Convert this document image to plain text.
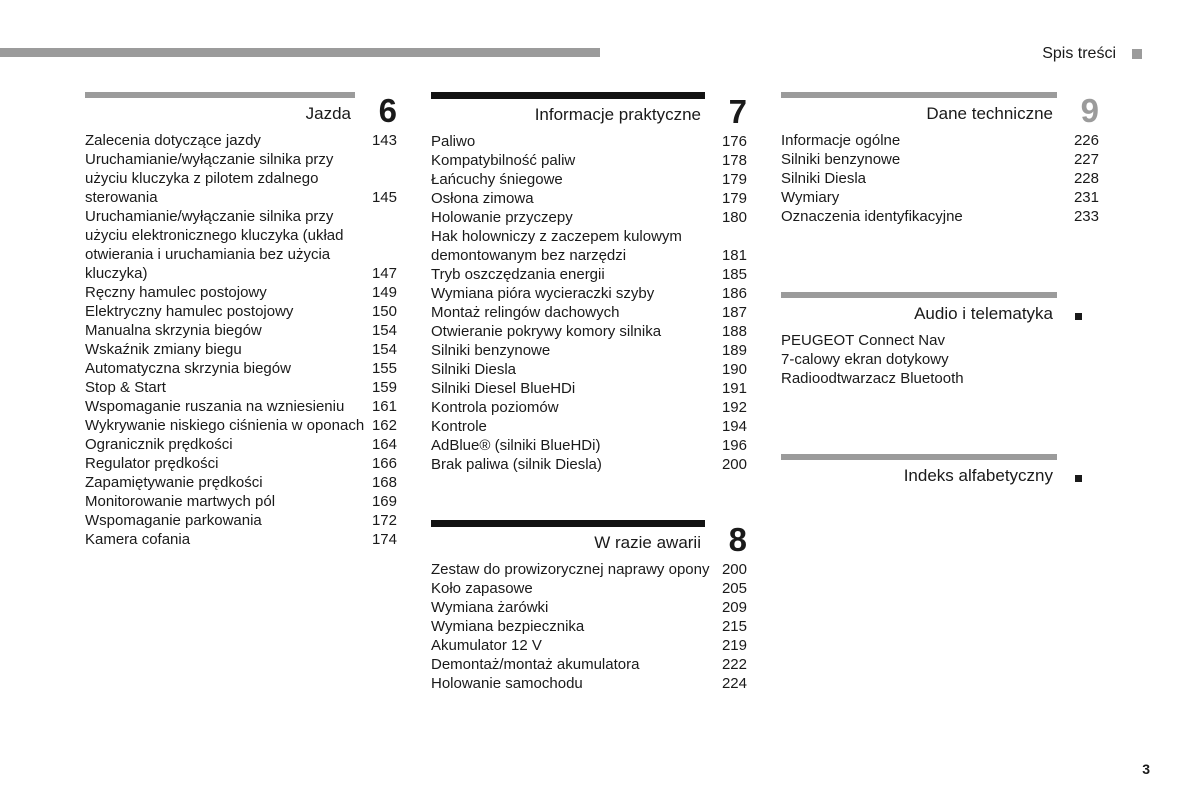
Spis treści
Jazda 6
Zalecenia dotyczące jazdy	143
Uruchamianie/wyłączanie silnika przy użyciu kluczyka z pilotem zdalnego sterowania	145
Uruchamianie/wyłączanie silnika przy użyciu elektronicznego kluczyka (układ otwierania i uruchamiania bez użycia kluczyka)	147
Ręczny hamulec postojowy	149
Elektryczny hamulec postojowy	150
Manualna skrzynia biegów	154
Wskaźnik zmiany biegu	154
Automatyczna skrzynia biegów	155
Stop & Start	159
Wspomaganie ruszania na wzniesieniu	161
Wykrywanie niskiego ciśnienia w oponach 162
Ogranicznik prędkości	164
Regulator prędkości	166
Zapamiętywanie prędkości	168
Monitorowanie martwych pól	169
Wspomaganie parkowania	172
Kamera cofania	174
Informacje praktyczne 7
Paliwo	176
Kompatybilność paliw	178
Łańcuchy śniegowe	179
Osłona zimowa	179
Holowanie przyczepy	180
Hak holowniczy z zaczepem kulowym demontowanym bez narzędzi	181
Tryb oszczędzania energii	185
Wymiana pióra wycieraczki szyby	186
Montaż relingów dachowych	187
Otwieranie pokrywy komory silnika	188
Silniki benzynowe	189
Silniki Diesla	190
Silniki Diesel BlueHDi	191
Kontrola poziomów	192
Kontrole	194
AdBlue® (silniki BlueHDi)	196
Brak paliwa (silnik Diesla)	200
W razie awarii 8
Zestaw do prowizorycznej naprawy opony 200
Koło zapasowe	205
Wymiana żarówki	209
Wymiana bezpiecznika	215
Akumulator 12 V	219
Demontaż/montaż akumulatora	222
Holowanie samochodu	224
Dane techniczne 9
Informacje ogólne	226
Silniki benzynowe	227
Silniki Diesla	228
Wymiary	231
Oznaczenia identyfikacyjne	233
Audio i telematyka
PEUGEOT Connect Nav
7-calowy ekran dotykowy
Radioodtwarzacz Bluetooth
Indeks alfabetyczny
3
